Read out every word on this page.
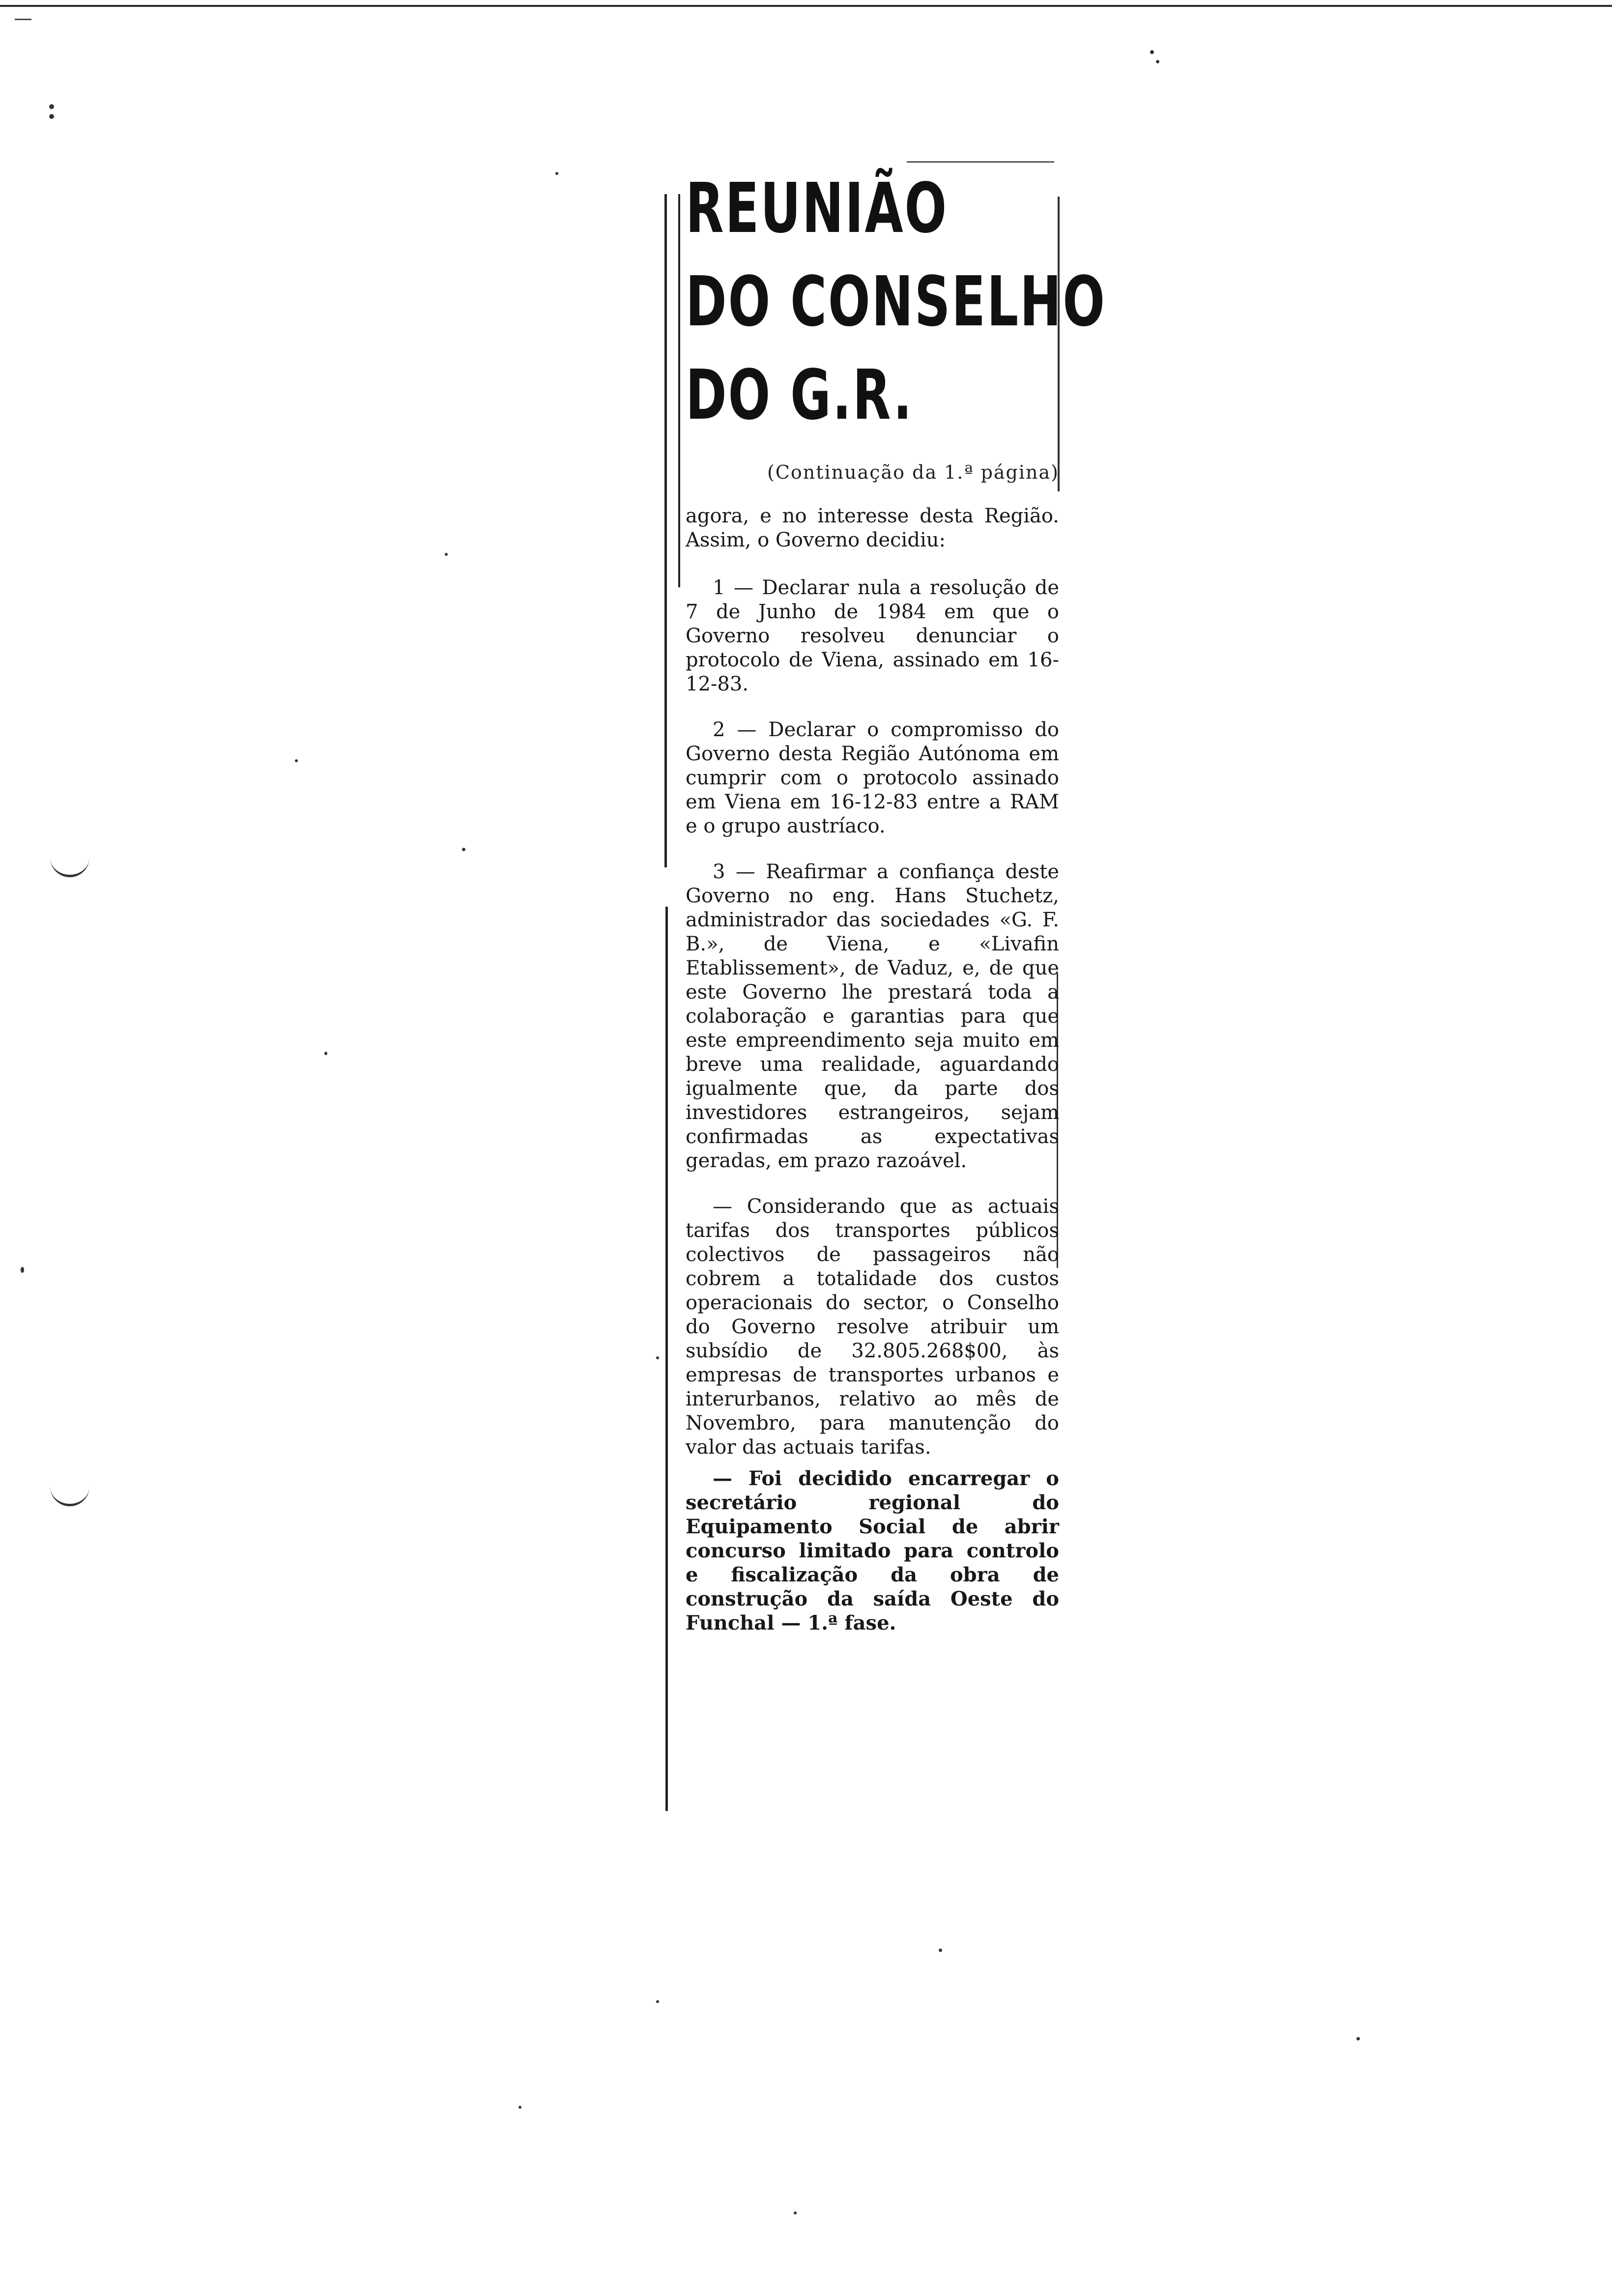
REUNIÃO
DO CONSELHO
DO G.R.

(Continuação da 1.ª página)

agora, e no interesse desta Região. Assim, o Governo decidiu:

1 — Declarar nula a resolução de 7 de Junho de 1984 em que o Governo resolveu denunciar o protocolo de Viena, assinado em 16-12-83.

2 — Declarar o compromisso do Governo desta Região Autónoma em cumprir com o protocolo assinado em Viena em 16-12-83 entre a RAM e o grupo austríaco.

3 — Reafirmar a confiança deste Governo no eng. Hans Stuchetz, administrador das sociedades «G. F. B.», de Viena, e «Livafin Etablissement», de Vaduz, e, de que este Governo lhe prestará toda a colaboração e garantias para que este empreendimento seja muito em breve uma realidade, aguardando igualmente que, da parte dos investidores estrangeiros, sejam confirmadas as expectativas geradas, em prazo razoável.

— Considerando que as actuais tarifas dos transportes públicos colectivos de passageiros não cobrem a totalidade dos custos operacionais do sector, o Conselho do Governo resolve atribuir um subsídio de 32.805.268$00, às empresas de transportes urbanos e interurbanos, relativo ao mês de Novembro, para manutenção do valor das actuais tarifas.

— Foi decidido encarregar o secretário regional do Equipamento Social de abrir concurso limitado para controlo e fiscalização da obra de construção da saída Oeste do Funchal — 1.ª fase.
